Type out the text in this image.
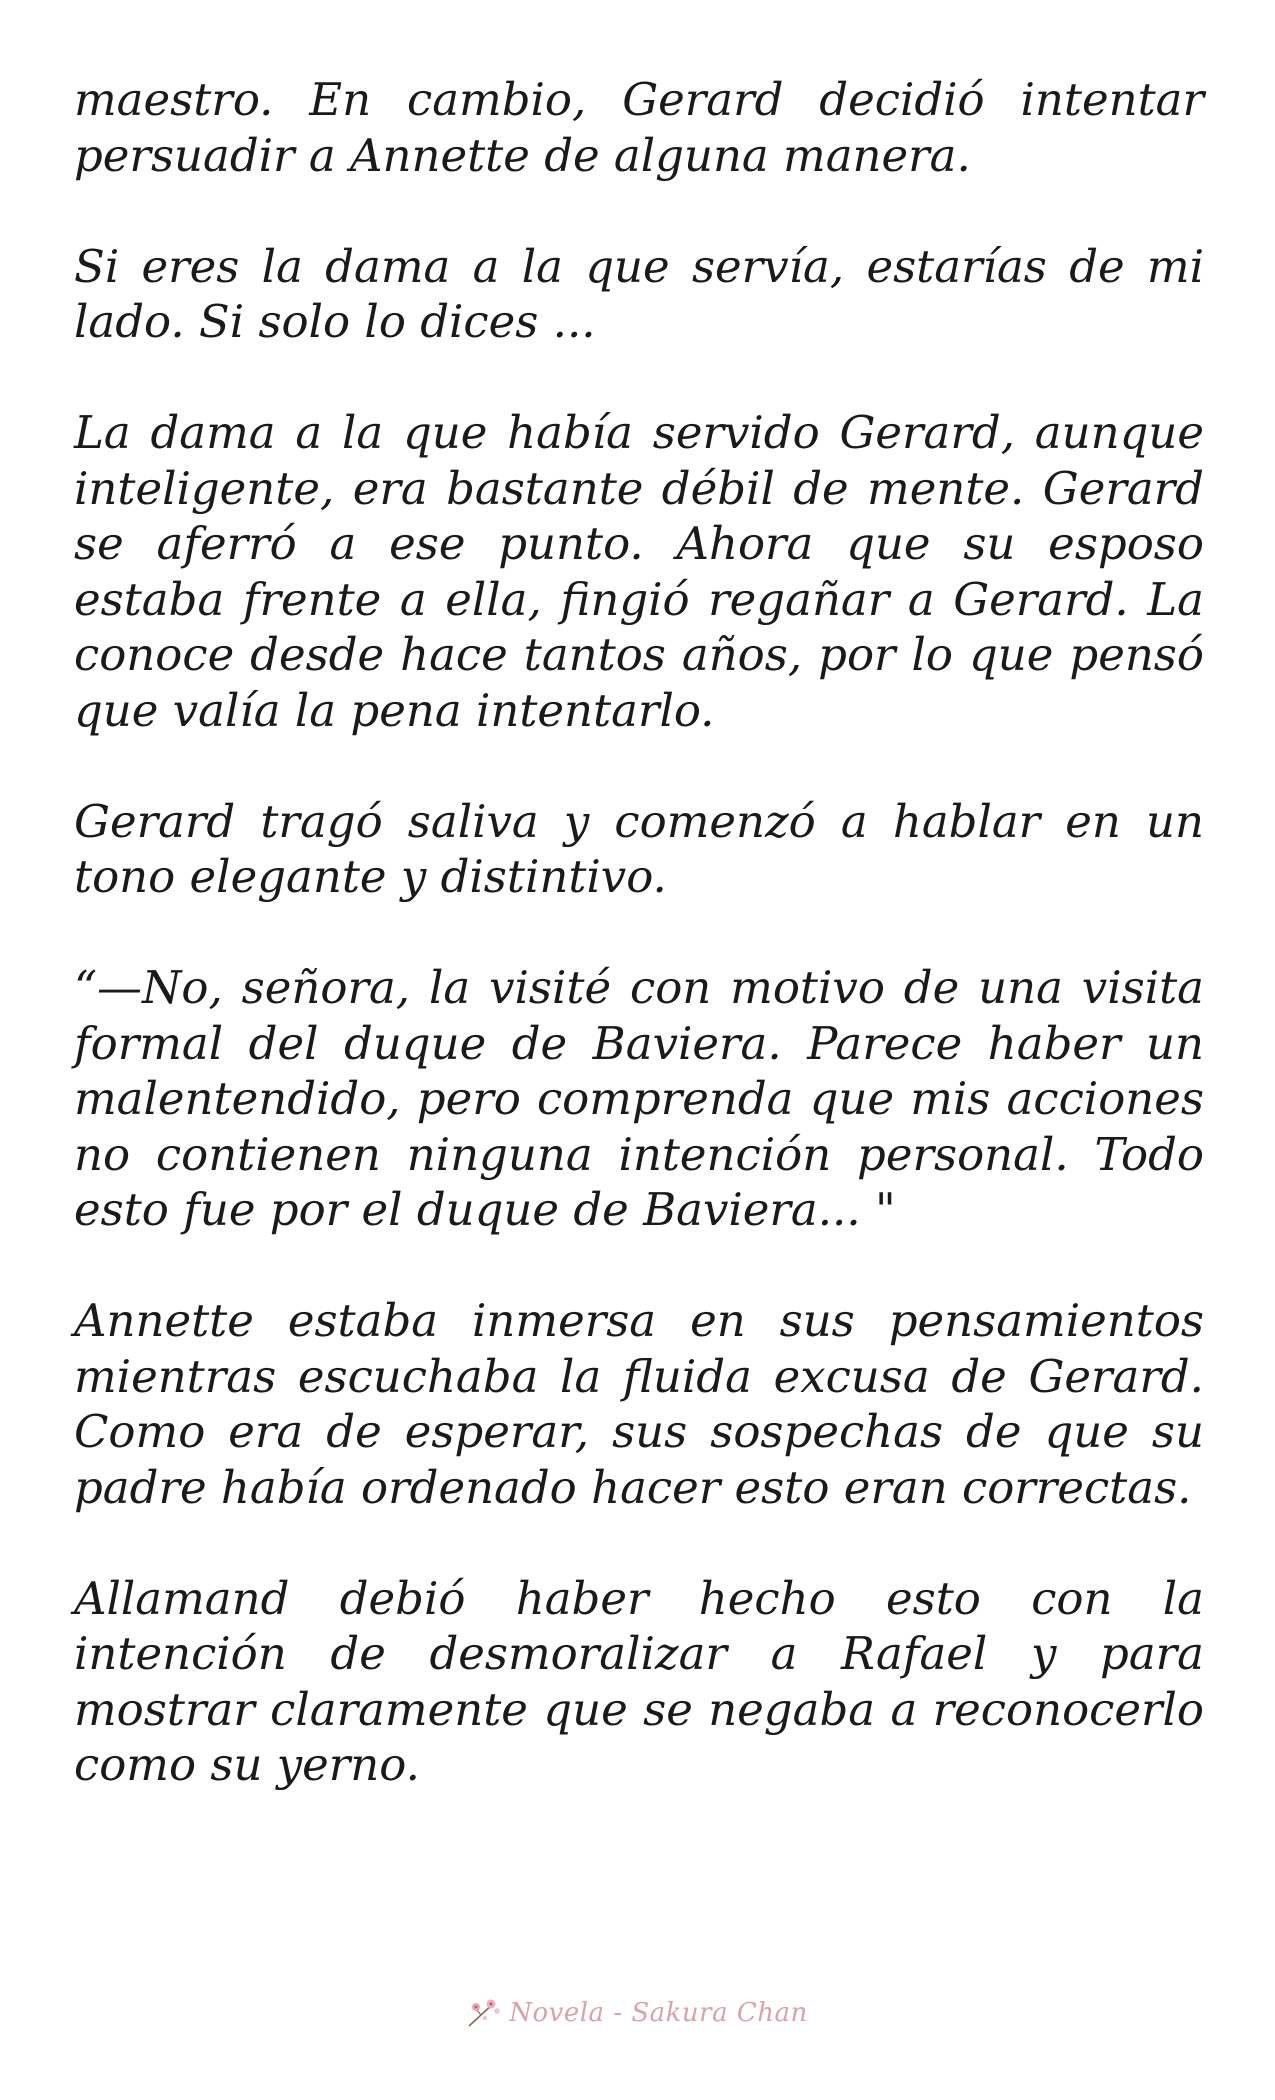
maestro. En cambio, Gerard decidió intentar persuadir a Annette de alguna manera.

Si eres la dama a la que servía, estarías de mi lado. Si solo lo dices ...

La dama a la que había servido Gerard, aunque inteligente, era bastante débil de mente. Gerard se aferró a ese punto. Ahora que su esposo estaba frente a ella, fingió regañar a Gerard. La conoce desde hace tantos años, por lo que pensó que valía la pena intentarlo.

Gerard tragó saliva y comenzó a hablar en un tono elegante y distintivo.

“—No, señora, la visité con motivo de una visita formal del duque de Baviera. Parece haber un malentendido, pero comprenda que mis acciones no contienen ninguna intención personal. Todo esto fue por el duque de Baviera... "

Annette estaba inmersa en sus pensamientos mientras escuchaba la fluida excusa de Gerard. Como era de esperar, sus sospechas de que su padre había ordenado hacer esto eran correctas.

Allamand debió haber hecho esto con la intención de desmoralizar a Rafael y para mostrar claramente que se negaba a reconocerlo como su yerno.

Novela - Sakura Chan
